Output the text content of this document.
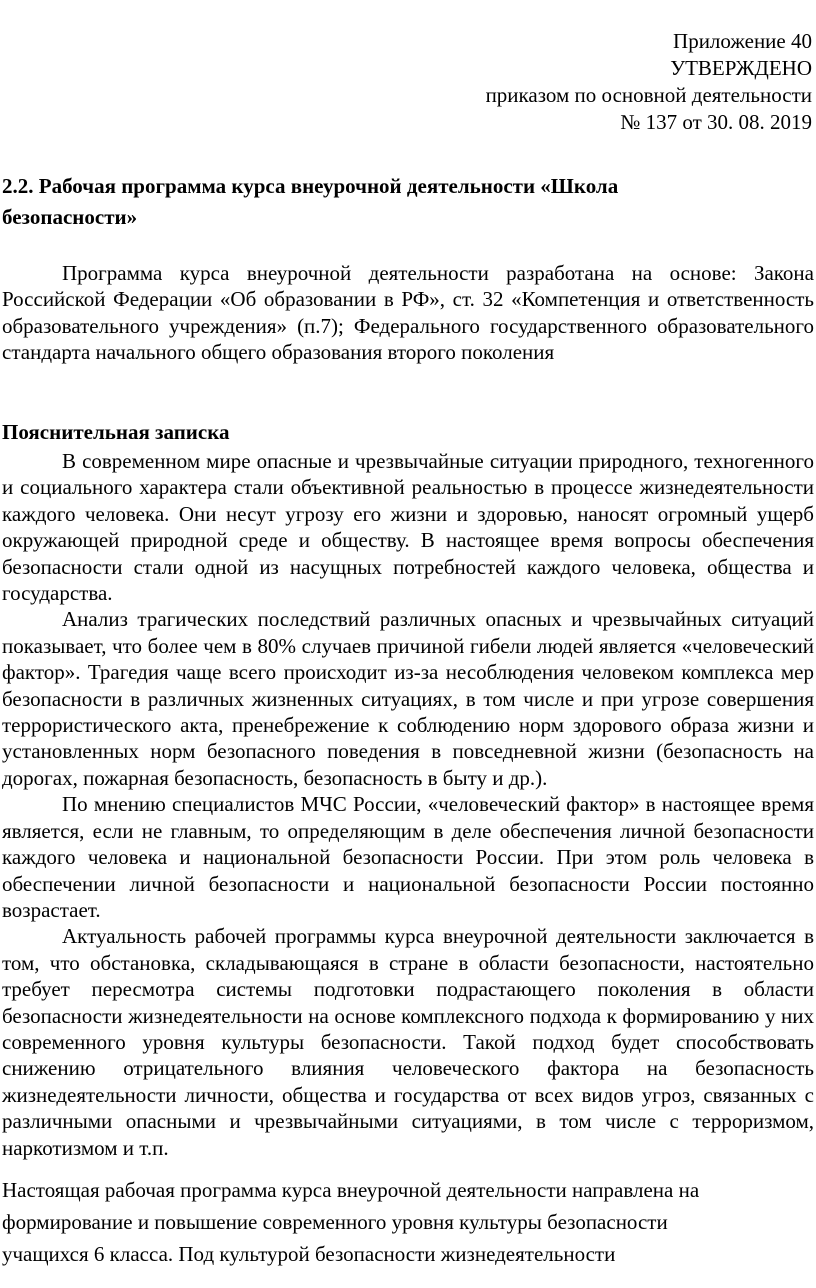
Приложение 40
УТВЕРЖДЕНО
приказом по основной деятельности
№ 137 от 30. 08. 2019
2.2. Рабочая программа курса внеурочной деятельности «Школа безопасности»

Программа курса внеурочной деятельности разработана на основе: Закона Российской Федерации «Об образовании в РФ», ст. 32 «Компетенция и ответственность образовательного учреждения» (п.7); Федерального государственного образовательного стандарта начального общего образования второго поколения

Пояснительная записка

В современном мире опасные и чрезвычайные ситуации природного, техногенного и социального характера стали объективной реальностью в процессе жизнедеятельности каждого человека. Они несут угрозу его жизни и здоровью, наносят огромный ущерб окружающей природной среде и обществу. В настоящее время вопросы обеспечения безопасности стали одной из насущных потребностей каждого человека, общества и государства.

Анализ трагических последствий различных опасных и чрезвычайных ситуаций показывает, что более чем в 80% случаев причиной гибели людей является «человеческий фактор». Трагедия чаще всего происходит из-за несоблюдения человеком комплекса мер безопасности в различных жизненных ситуациях, в том числе и при угрозе совершения террористического акта, пренебрежение к соблюдению норм здорового образа жизни и установленных норм безопасного поведения в повседневной жизни (безопасность на дорогах, пожарная безопасность, безопасность в быту и др.).

По мнению специалистов МЧС России, «человеческий фактор» в настоящее время является, если не главным, то определяющим в деле обеспечения личной безопасности каждого человека и национальной безопасности России. При этом роль человека в обеспечении личной безопасности и национальной безопасности России постоянно возрастает.

Актуальность рабочей программы курса внеурочной деятельности заключается в том, что обстановка, складывающаяся в стране в области безопасности, настоятельно требует пересмотра системы подготовки подрастающего поколения в области безопасности жизнедеятельности на основе комплексного подхода к формированию у них современного уровня культуры безопасности. Такой подход будет способствовать снижению отрицательного влияния человеческого фактора на безопасность жизнедеятельности личности, общества и государства от всех видов угроз, связанных с различными опасными и чрезвычайными ситуациями, в том числе с терроризмом, наркотизмом и т.п.

Настоящая рабочая программа курса внеурочной деятельности направлена на

формирование и повышение современного уровня культуры безопасности

учащихся 6 класса. Под культурой безопасности жизнедеятельности
